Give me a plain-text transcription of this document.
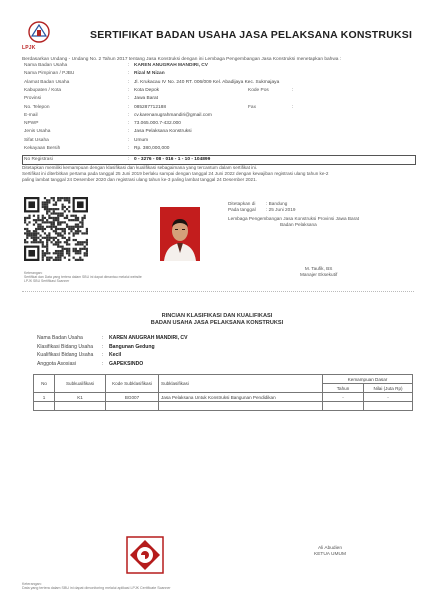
LPJK
SERTIFIKAT BADAN USAHA JASA PELAKSANA KONSTRUKSI
Berdasarkan Undang - Undang No. 2 Tahun 2017 tentang Jasa Konstruksi dengan ini Lembaga Pengembangan Jasa Konstruksi menetapkan bahwa :
Nama Badan Usaha	: KAREN ANUGRAH MANDIRI, CV
Nama Pimpinan / PJBU	: Rizal M Nizan
Alamat Badan Usaha	: Jl. Krukacau IV No. 240 RT. 006/009 Kel. Abadijaya Kec. Sukmajaya
Kabupaten / Kota	: Kota Depok	Kode Pos	:
Provinsi	: Jawa Barat
No. Telepon	: 085287712188	Fax	:
E-mail	: cv.karenanugrahmandiri@gmail.com
NPWP	: 73.065.000.7-432.000
Jenis Usaha	: Jasa Pelaksana Konstruksi
Sifat Usaha	: Umum
Kekayaan Bersih	: Rp. 380,000,000
No Registrasi	: 0 - 3276 - 08 - 016 - 1 - 10 - 104899
Ditetapkan memiliki kemampuan dengan klasifikasi dan kualifikasi sebagaimana yang tercantum dalam sertifikat ini.
Sertifikat ini diterbitkan pertama pada tanggal 25 Juni 2019 berlaku sampai dengan tanggal 24 Juni 2022 dengan kewajiban registrasi ulang tahun ke-2
paling lambat tanggal 24 Desember 2020 dan registrasi ulang tahun ke-3 paling lambat tanggal 24 Desember 2021.
Ditetapkan di : Bandung
Pada tanggal : 25 Juni 2019
Lembaga Pengembangan Jasa Konstruksi Provinsi Jawa Barat
Badan Pelaksana
M. Taufik, BS
Manajer Eksekutif
Keterangan:
Sertifikat dan Data yang tertera dalam SBU ini dapat dimantau melalui website
LPJK SBU Sertifikasi Scanner
RINCIAN KLASIFIKASI DAN KUALIFIKASI
BADAN USAHA JASA PELAKSANA KONSTRUKSI
Nama Badan Usaha	: KAREN ANUGRAH MANDIRI, CV
Klasifikasi Bidang Usaha : Bangunan Gedung
Kualifikasi Bidang Usaha : Kecil
Anggota Asosiasi	: GAPEKSINDO
No	Subkualifikasi	Kode Subklasifikasi	Subklasifikasi	Kemampuan Dasar	
				Tahun	Nilai (Juta Rp)
1	K1	BG007	Jasa Pelaksana Untuk Konstruksi Bangunan Pendidikan	-	-

Ali Abudien
KETUA UMUM
Keterangan:
Data yang tertera dalam SBU ini dapat dimonitoring melalui aplikasi LPJK Certificate Scanner
